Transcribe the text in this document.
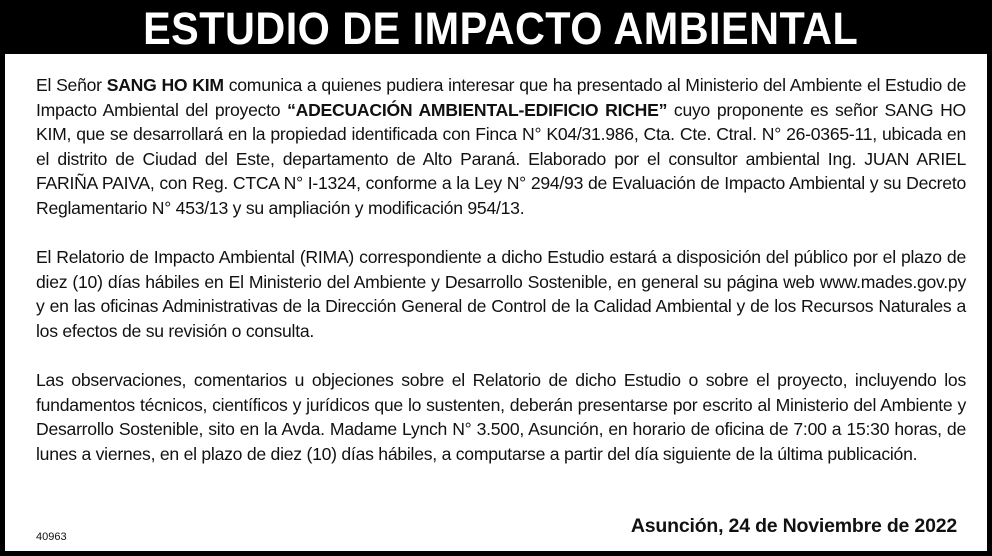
ESTUDIO DE IMPACTO AMBIENTAL

El Señor SANG HO KIM comunica a quienes pudiera interesar que ha presentado al Ministerio del Ambiente el Estudio de Impacto Ambiental del proyecto “ADECUACIÓN AMBIENTAL-EDIFICIO RICHE” cuyo proponente es señor SANG HO KIM, que se desarrollará en la propiedad identificada con Finca N° K04/31.986, Cta. Cte. Ctral. N° 26-0365-11, ubicada en el distrito de Ciudad del Este, departamento de Alto Paraná. Elaborado por el consultor ambiental Ing. JUAN ARIEL FARIÑA PAIVA, con Reg. CTCA N° I-1324, conforme a la Ley N° 294/93 de Evaluación de Impacto Ambiental y su Decreto Reglamentario N° 453/13 y su ampliación y modificación 954/13.

El Relatorio de Impacto Ambiental (RIMA) correspondiente a dicho Estudio estará a disposición del público por el plazo de diez (10) días hábiles en El Ministerio del Ambiente y Desarrollo Sostenible, en general su página web www.mades.gov.py y en las oficinas Administrativas de la Dirección General de Control de la Calidad Ambiental y de los Recursos Naturales a los efectos de su revisión o consulta.

Las observaciones, comentarios u objeciones sobre el Relatorio de dicho Estudio o sobre el proyecto, incluyendo los fundamentos técnicos, científicos y jurídicos que lo sustenten, deberán presentarse por escrito al Ministerio del Ambiente y Desarrollo Sostenible, sito en la Avda. Madame Lynch N° 3.500, Asunción, en horario de oficina de 7:00 a 15:30 horas, de lunes a viernes, en el plazo de diez (10) días hábiles, a computarse a partir del día siguiente de la última publicación.

40963	Asunción, 24 de Noviembre de 2022
